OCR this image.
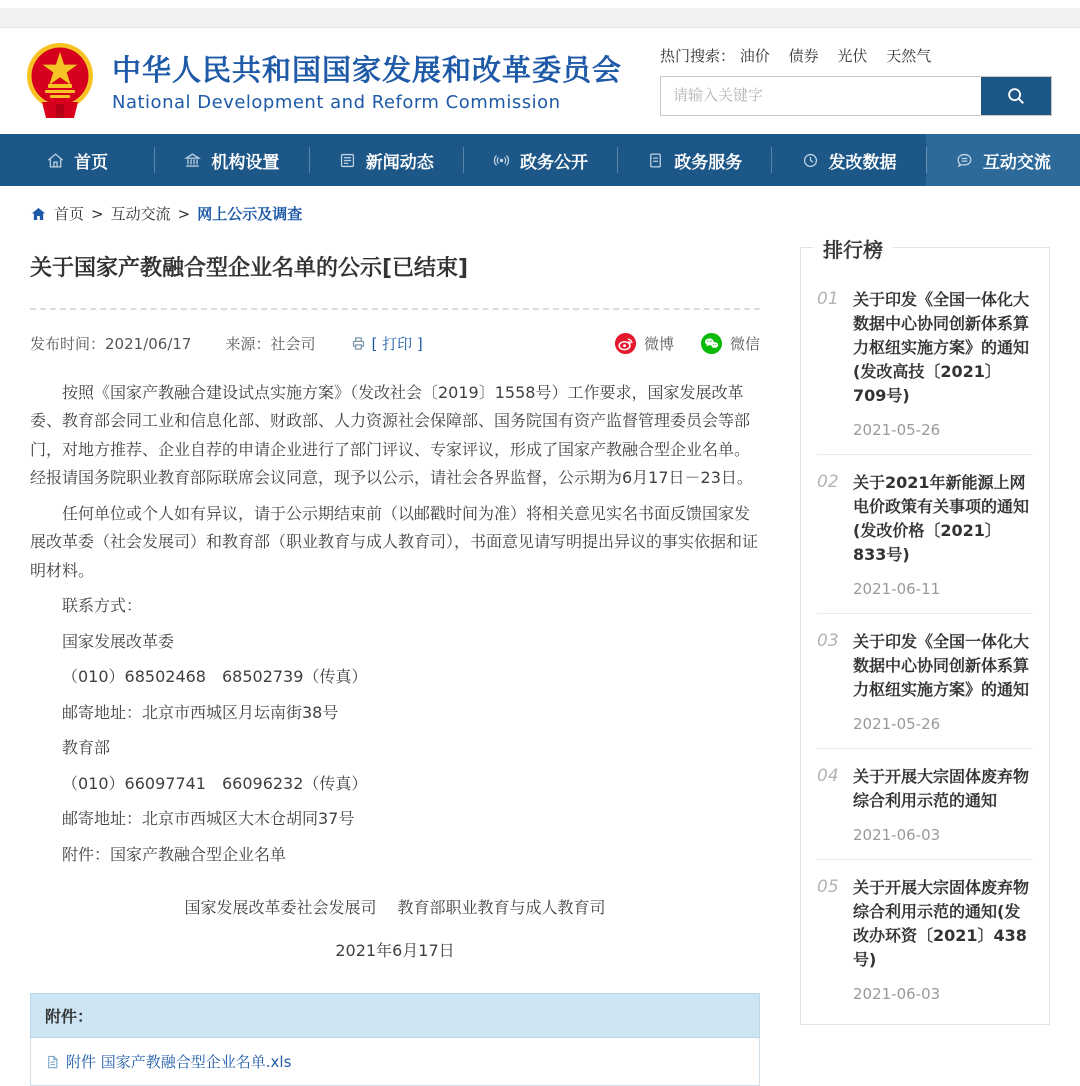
中华人民共和国国家发展和改革委员会
National Development and Reform Commission
热门搜索： 油价 债券 光伏 天然气
请输入关键字
首页	机构设置	新闻动态	政务公开	政务服务	发改数据	互动交流
首页 > 互动交流 > 网上公示及调查
关于国家产教融合型企业名单的公示[已结束]
发布时间： 2021/06/17 来源： 社会司	[ 打印 ]	微博	微信

按照《国家产教融合建设试点实施方案》（发改社会〔2019〕1558号）工作要求，国家发展改革委、教育部会同工业和信息化部、财政部、人力资源社会保障部、国务院国有资产监督管理委员会等部门，对地方推荐、企业自荐的申请企业进行了部门评议、专家评议，形成了国家产教融合型企业名单。经报请国务院职业教育部际联席会议同意，现予以公示，请社会各界监督，公示期为6月17日－23日。

任何单位或个人如有异议，请于公示期结束前（以邮戳时间为准）将相关意见实名书面反馈国家发展改革委（社会发展司）和教育部（职业教育与成人教育司），书面意见请写明提出异议的事实依据和证明材料。

联系方式：

国家发展改革委

（010）68502468　68502739（传真）

邮寄地址：北京市西城区月坛南街38号

教育部

（010）66097741　66096232（传真）

邮寄地址：北京市西城区大木仓胡同37号

附件：国家产教融合型企业名单

国家发展改革委社会发展司 教育部职业教育与成人教育司
2021年6月17日
附件：
附件 国家产教融合型企业名单.xls
排行榜
01 关于印发《全国一体化大数据中心协同创新体系算力枢纽实施方案》的通知(发改高技〔2021〕709号)
2021-05-26
02 关于2021年新能源上网电价政策有关事项的通知(发改价格〔2021〕833号)
2021-06-11
03 关于印发《全国一体化大数据中心协同创新体系算力枢纽实施方案》的通知
2021-05-26
04 关于开展大宗固体废弃物综合利用示范的通知
2021-06-03
05 关于开展大宗固体废弃物综合利用示范的通知(发改办环资〔2021〕438号)
2021-06-03
